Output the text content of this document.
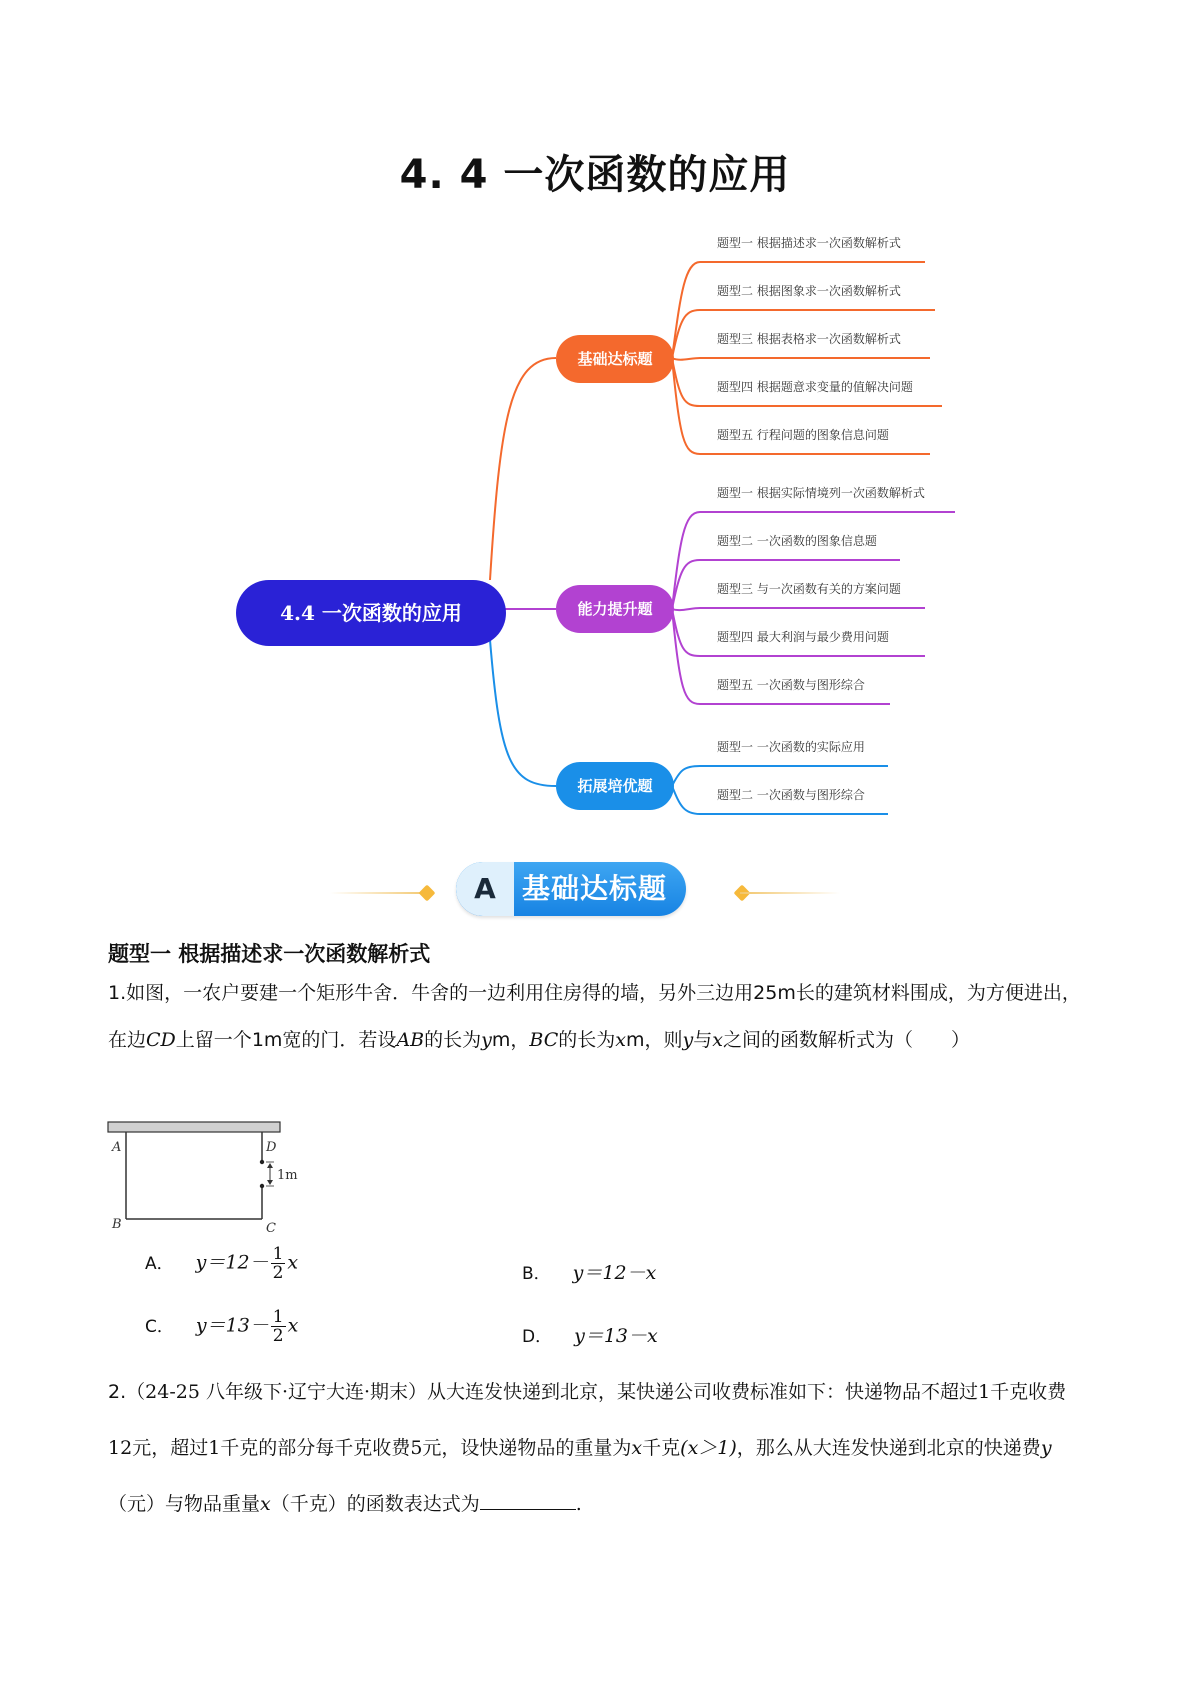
4. 4 一次函数的应用
4.4 一次函数的应用
基础达标题
能力提升题
拓展培优题
题型一 根据描述求一次函数解析式
题型二 根据图象求一次函数解析式
题型三 根据表格求一次函数解析式
题型四 根据题意求变量的值解决问题
题型五 行程问题的图象信息问题
题型一 根据实际情境列一次函数解析式
题型二 一次函数的图象信息题
题型三 与一次函数有关的方案问题
题型四 最大利润与最少费用问题
题型五 一次函数与图形综合
题型一 一次函数的实际应用
题型二 一次函数与图形综合
A 基础达标题
题型一 根据描述求一次函数解析式
1.如图，一农户要建一个矩形牛舍．牛舍的一边利用住房得的墙，另外三边用25m长的建筑材料围成，为方便进出，在边CD上留一个1m宽的门．若设AB的长为ym，BC的长为xm，则y与x之间的函数解析式为（　　）
A	D
1m
B	C
A． $y=12- \frac{1}{2}$ x
B． y＝12－x
C． $y=13- \frac{1}{2}$ x
D． y＝13－x
2.（24-25 八年级下·辽宁大连·期末）从大连发快递到北京，某快递公司收费标准如下：快递物品不超过1千克收费12元，超过1千克的部分每千克收费5元，设快递物品的重量为x千克(x＞1)，那么从大连发快递到北京的快递费y（元）与物品重量x（千克）的函数表达式为	.
